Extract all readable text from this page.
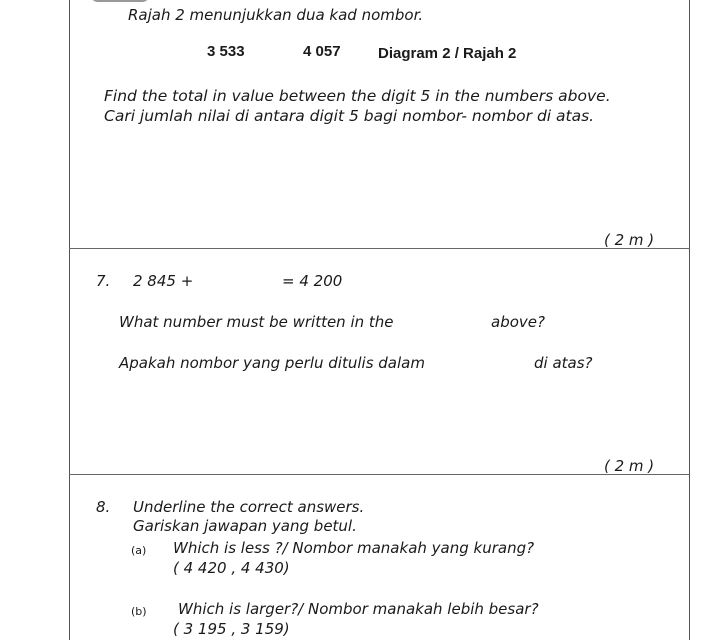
Rajah 2 menunjukkan dua kad nombor.
3 533	4 057 Diagram 2 / Rajah 2
Find the total in value between the digit 5 in the numbers above.
Cari jumlah nilai di antara digit 5 bagi nombor- nombor di atas.
( 2 m )
7. 2 845 +	= 4 200
What number must be written in the	above?
Apakah nombor yang perlu ditulis dalam	di atas?
( 2 m )
8. Underline the correct answers.
Gariskan jawapan yang betul.
(a) Which is less ?/ Nombor manakah yang kurang?
( 4 420 , 4 430)
(b) Which is larger?/ Nombor manakah lebih besar?
( 3 195 , 3 159)
